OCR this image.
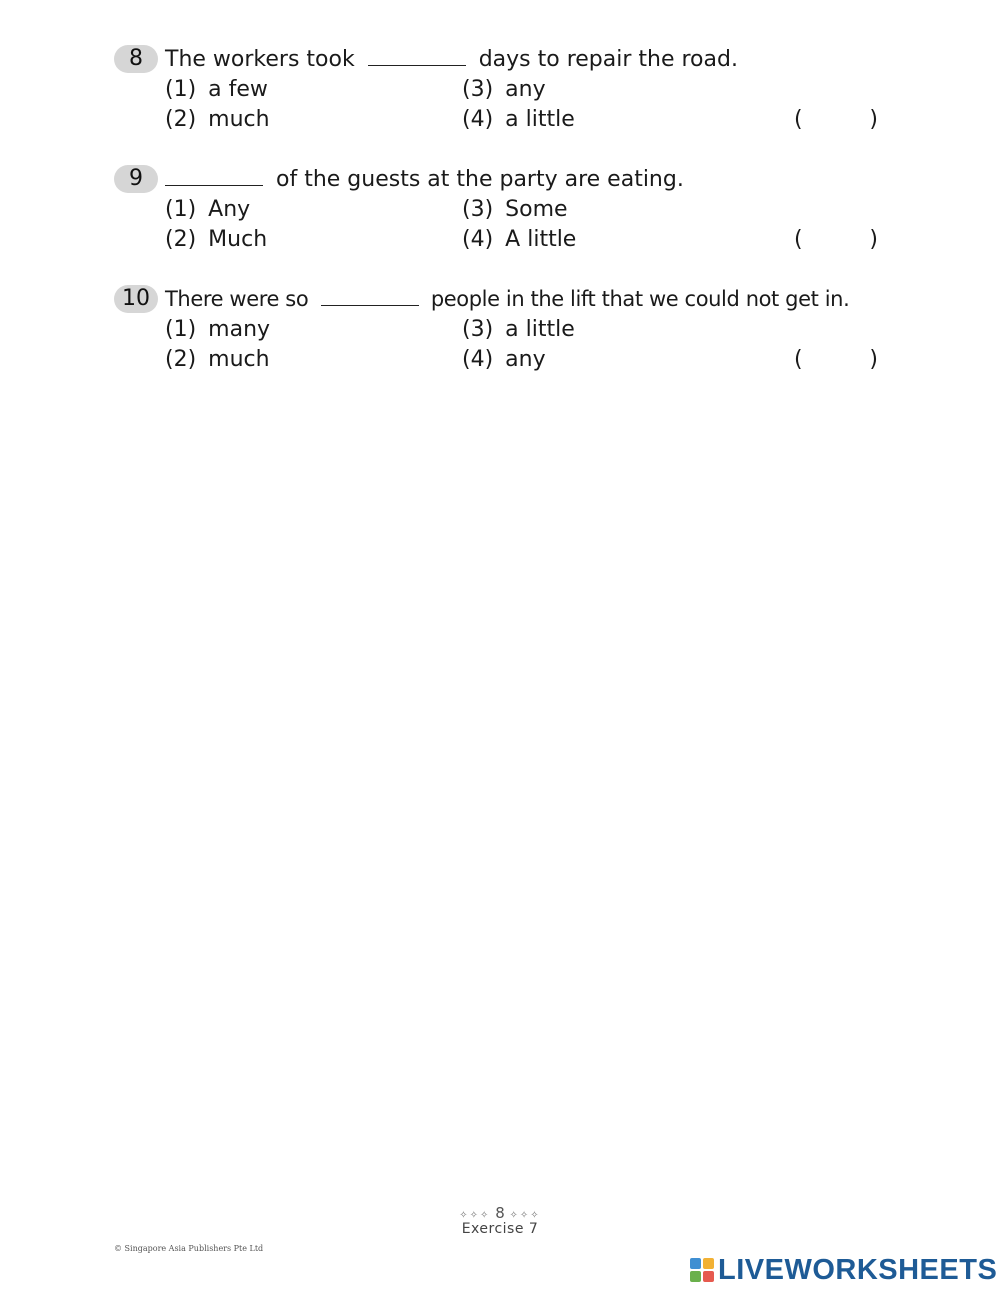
8	The workers took	days to repair the road.
(1) a few
(2) much
(3) any
(4) a little	(	)
9	of the guests at the party are eating.
(1) Any
(2) Much
(3) Some
(4) A little	(	)
10 There were so	people in the lift that we could not get in.
(1) many
(2) much
(3) a little
(4) any	(	)
✧✧✧ 8 ✧✧✧
Exercise 7
© Singapore Asia Publishers Pte Ltd
LIVEWORKSHEETS
